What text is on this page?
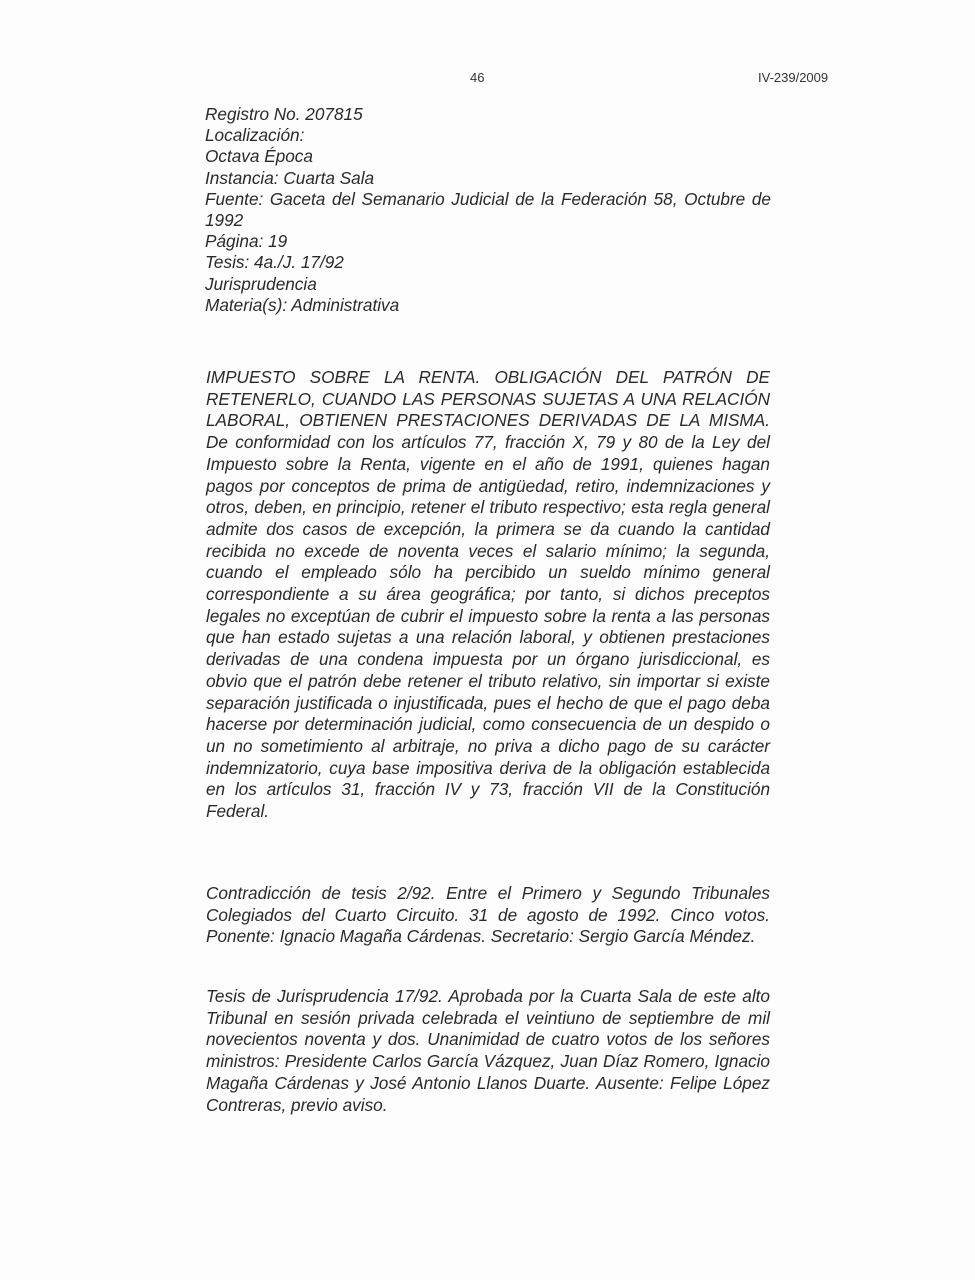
46	IV-239/2009
Registro No. 207815
Localización:
Octava Época
Instancia: Cuarta Sala
Fuente: Gaceta del Semanario Judicial de la Federación 58, Octubre de 1992
Página: 19
Tesis: 4a./J. 17/92
Jurisprudencia
Materia(s): Administrativa

IMPUESTO SOBRE LA RENTA. OBLIGACIÓN DEL PATRÓN DE RETENERLO, CUANDO LAS PERSONAS SUJETAS A UNA RELACIÓN LABORAL, OBTIENEN PRESTACIONES DERIVADAS DE LA MISMA. De conformidad con los artículos 77, fracción X, 79 y 80 de la Ley del Impuesto sobre la Renta, vigente en el año de 1991, quienes hagan pagos por conceptos de prima de antigüedad, retiro, indemnizaciones y otros, deben, en principio, retener el tributo respectivo; esta regla general admite dos casos de excepción, la primera se da cuando la cantidad recibida no excede de noventa veces el salario mínimo; la segunda, cuando el empleado sólo ha percibido un sueldo mínimo general correspondiente a su área geográfica; por tanto, si dichos preceptos legales no exceptúan de cubrir el impuesto sobre la renta a las personas que han estado sujetas a una relación laboral, y obtienen prestaciones derivadas de una condena impuesta por un órgano jurisdiccional, es obvio que el patrón debe retener el tributo relativo, sin importar si existe separación justificada o injustificada, pues el hecho de que el pago deba hacerse por determinación judicial, como consecuencia de un despido o un no sometimiento al arbitraje, no priva a dicho pago de su carácter indemnizatorio, cuya base impositiva deriva de la obligación establecida en los artículos 31, fracción IV y 73, fracción VII de la Constitución Federal.

Contradicción de tesis 2/92. Entre el Primero y Segundo Tribunales Colegiados del Cuarto Circuito. 31 de agosto de 1992. Cinco votos. Ponente: Ignacio Magaña Cárdenas. Secretario: Sergio García Méndez.

Tesis de Jurisprudencia 17/92. Aprobada por la Cuarta Sala de este alto Tribunal en sesión privada celebrada el veintiuno de septiembre de mil novecientos noventa y dos. Unanimidad de cuatro votos de los señores ministros: Presidente Carlos García Vázquez, Juan Díaz Romero, Ignacio Magaña Cárdenas y José Antonio Llanos Duarte. Ausente: Felipe López Contreras, previo aviso.
